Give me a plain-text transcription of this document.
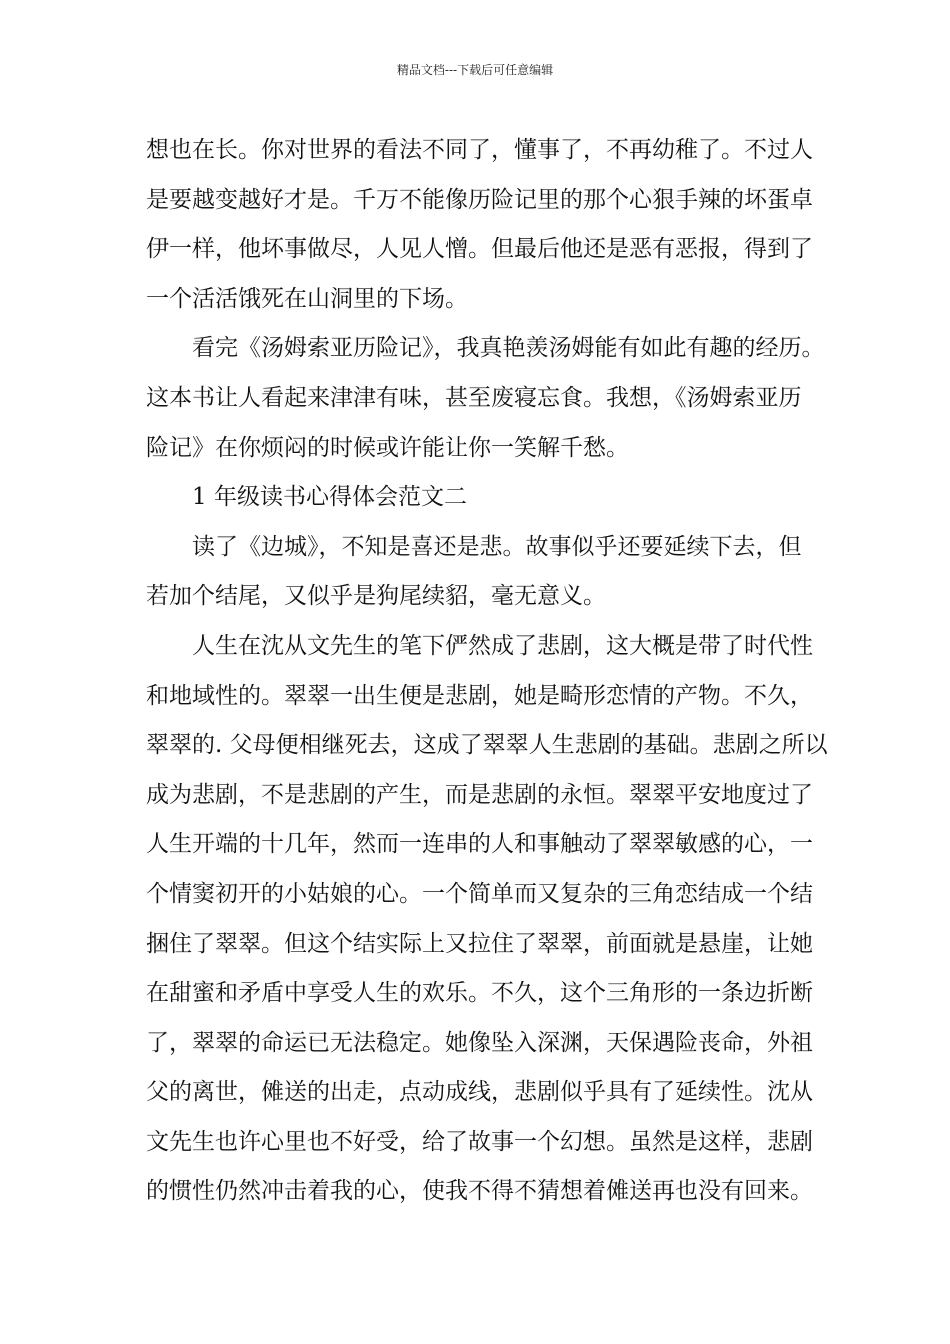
精品文档---下载后可任意编辑
想也在长。你对世界的看法不同了，懂事了，不再幼稚了。不过人
是要越变越好才是。千万不能像历险记里的那个心狠手辣的坏蛋卓
伊一样，他坏事做尽，人见人憎。但最后他还是恶有恶报，得到了
一个活活饿死在山洞里的下场。
看完《汤姆索亚历险记》，我真艳羡汤姆能有如此有趣的经历。
这本书让人看起来津津有味，甚至废寝忘食。我想，《汤姆索亚历
险记》在你烦闷的时候或许能让你一笑解千愁。
1 年级读书心得体会范文二
读了《边城》，不知是喜还是悲。故事似乎还要延续下去，但
若加个结尾，又似乎是狗尾续貂，毫无意义。
人生在沈从文先生的笔下俨然成了悲剧，这大概是带了时代性
和地域性的。翠翠一出生便是悲剧，她是畸形恋情的产物。不久，
翠翠的. 父母便相继死去，这成了翠翠人生悲剧的基础。悲剧之所以
成为悲剧，不是悲剧的产生，而是悲剧的永恒。翠翠平安地度过了
人生开端的十几年，然而一连串的人和事触动了翠翠敏感的心，一
个情窦初开的小姑娘的心。一个简单而又复杂的三角恋结成一个结
捆住了翠翠。但这个结实际上又拉住了翠翠，前面就是悬崖，让她
在甜蜜和矛盾中享受人生的欢乐。不久，这个三角形的一条边折断
了，翠翠的命运已无法稳定。她像坠入深渊，天保遇险丧命，外祖
父的离世，傩送的出走，点动成线，悲剧似乎具有了延续性。沈从
文先生也许心里也不好受，给了故事一个幻想。虽然是这样，悲剧
的惯性仍然冲击着我的心，使我不得不猜想着傩送再也没有回来。
